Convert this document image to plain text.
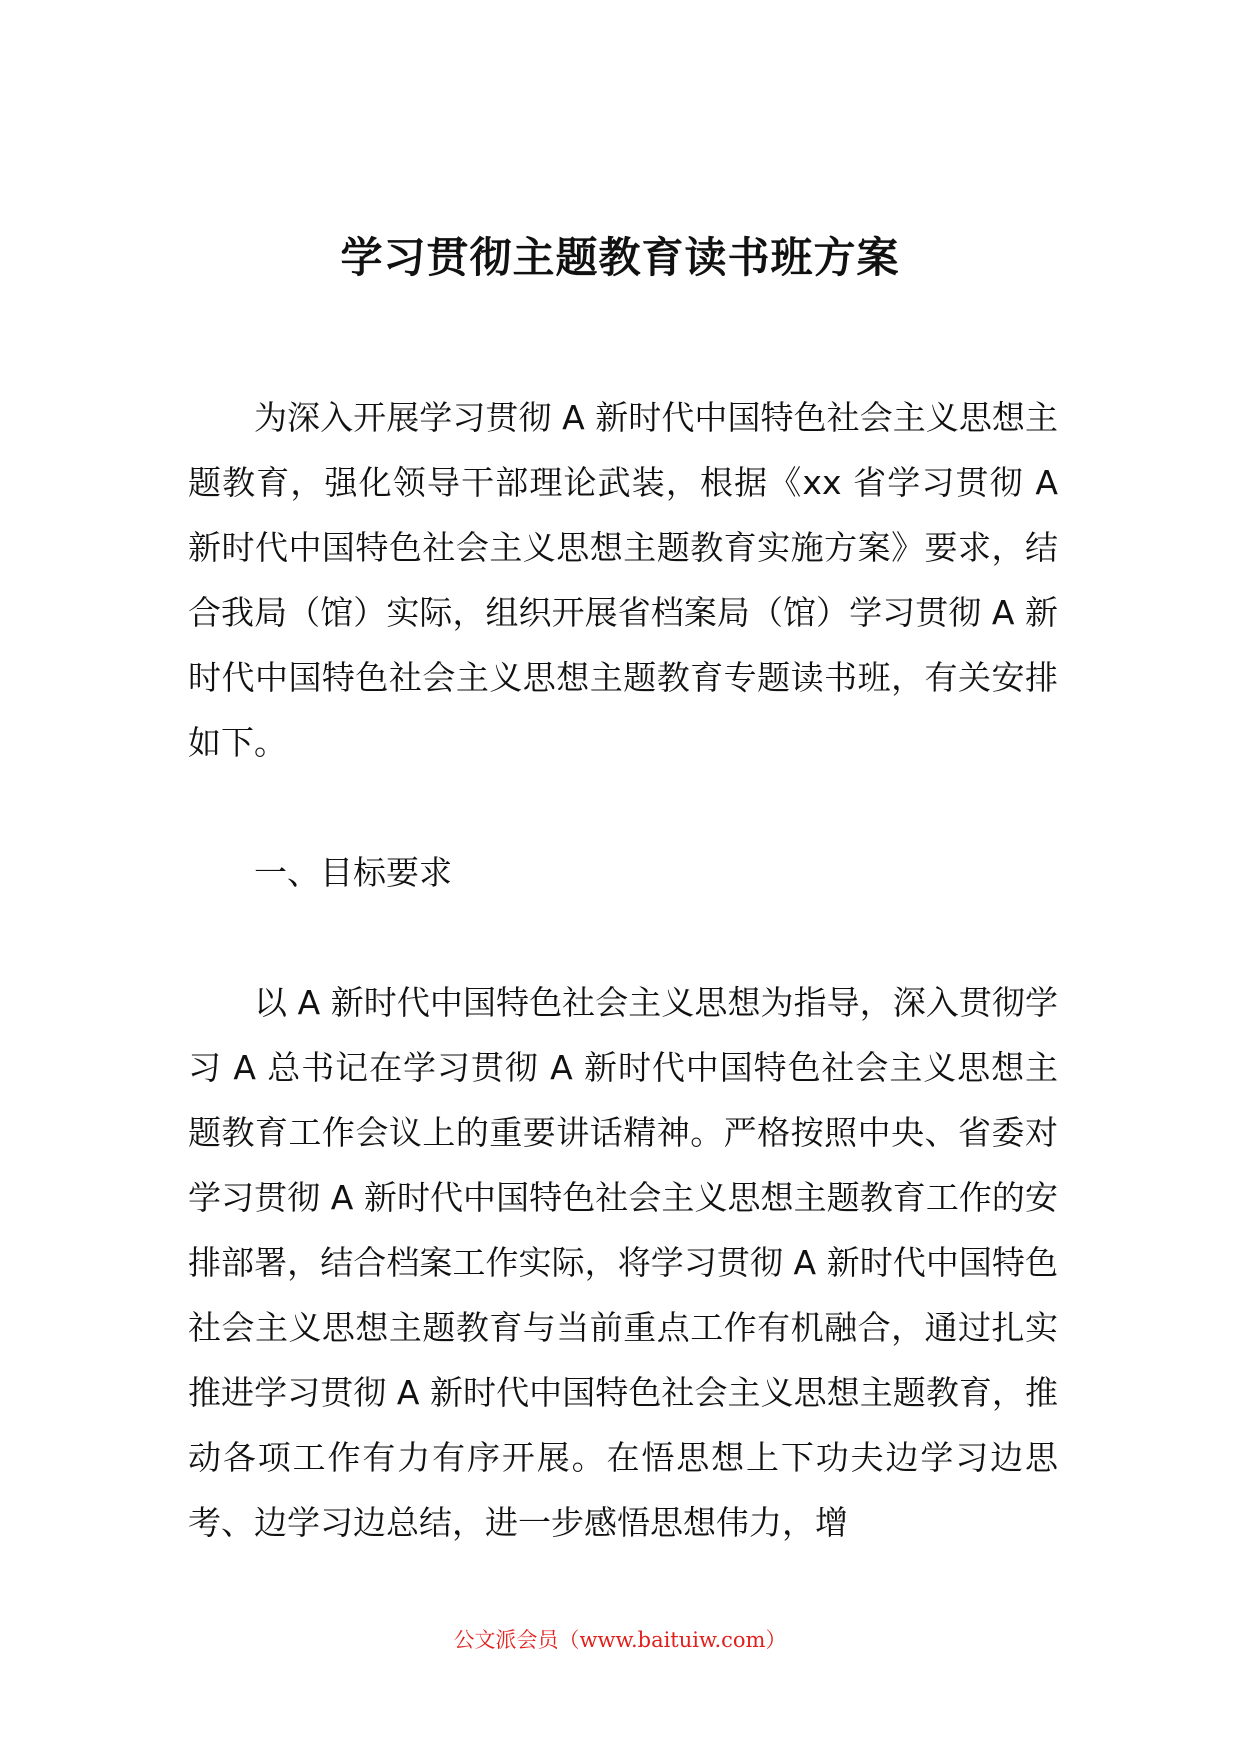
学习贯彻主题教育读书班方案

为深入开展学习贯彻 A 新时代中国特色社会主义思想主题教育，强化领导干部理论武装，根据《xx 省学习贯彻 A 新时代中国特色社会主义思想主题教育实施方案》要求，结合我局（馆）实际，组织开展省档案局（馆）学习贯彻 A 新时代中国特色社会主义思想主题教育专题读书班，有关安排如下。

一、目标要求

以 A 新时代中国特色社会主义思想为指导，深入贯彻学习 A 总书记在学习贯彻 A 新时代中国特色社会主义思想主题教育工作会议上的重要讲话精神。严格按照中央、省委对学习贯彻 A 新时代中国特色社会主义思想主题教育工作的安排部署，结合档案工作实际，将学习贯彻 A 新时代中国特色社会主义思想主题教育与当前重点工作有机融合，通过扎实推进学习贯彻 A 新时代中国特色社会主义思想主题教育，推动各项工作有力有序开展。在悟思想上下功夫边学习边思考、边学习边总结，进一步感悟思想伟力，增

公文派会员（www.baituiw.com）
